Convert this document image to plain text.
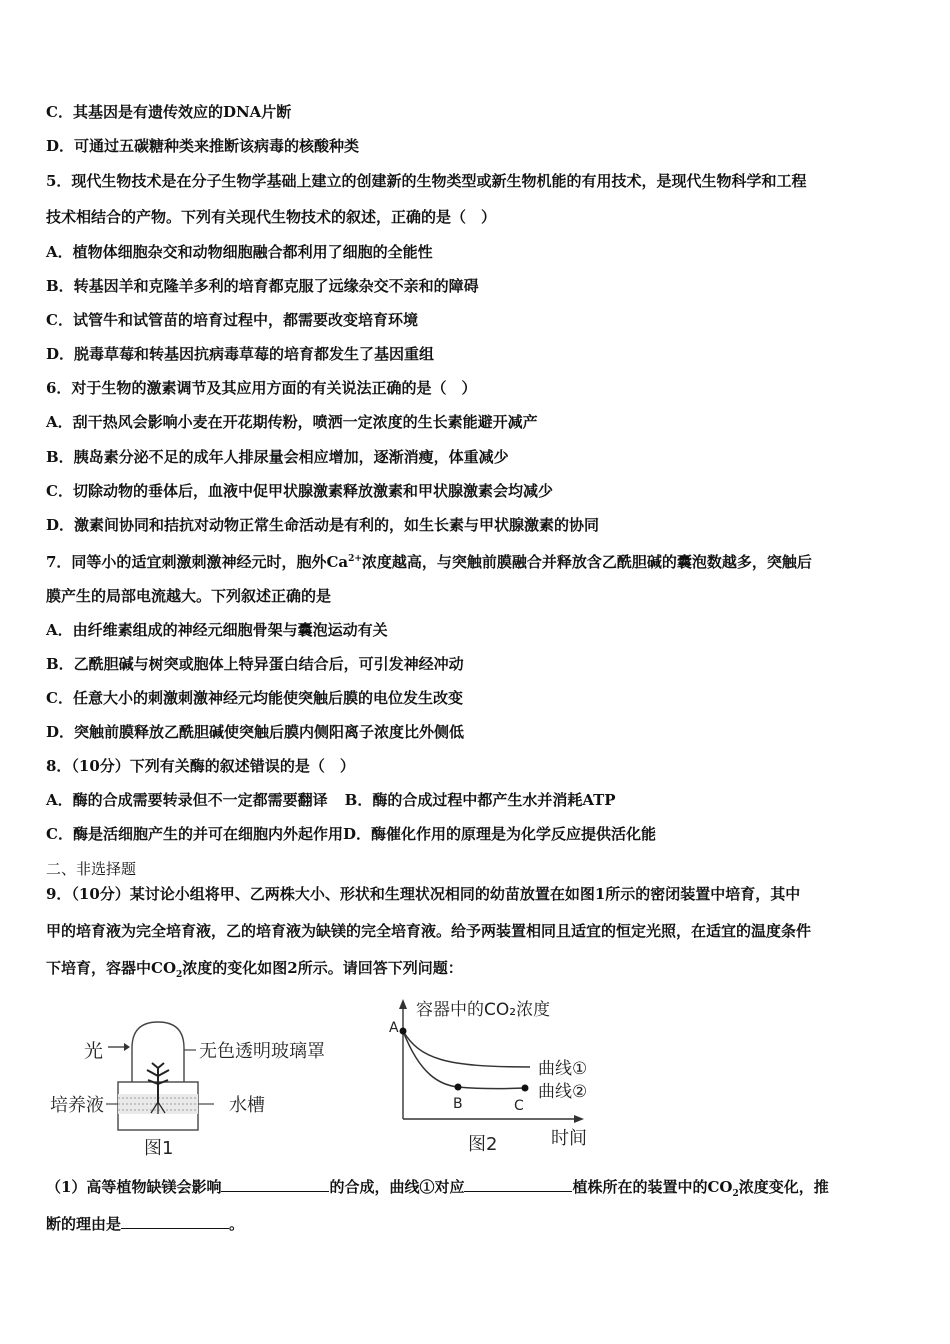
C．其基因是有遗传效应的DNA片断
D．可通过五碳糖种类来推断该病毒的核酸种类
5．现代生物技术是在分子生物学基础上建立的创建新的生物类型或新生物机能的有用技术，是现代生物科学和工程
技术相结合的产物。下列有关现代生物技术的叙述，正确的是（　）
A．植物体细胞杂交和动物细胞融合都利用了细胞的全能性
B．转基因羊和克隆羊多利的培育都克服了远缘杂交不亲和的障碍
C．试管牛和试管苗的培育过程中，都需要改变培育环境
D．脱毒草莓和转基因抗病毒草莓的培育都发生了基因重组
6．对于生物的激素调节及其应用方面的有关说法正确的是（　）
A．刮干热风会影响小麦在开花期传粉，喷洒一定浓度的生长素能避开减产
B．胰岛素分泌不足的成年人排尿量会相应增加，逐渐消瘦，体重减少
C．切除动物的垂体后，血液中促甲状腺激素释放激素和甲状腺激素会均减少
D．激素间协同和拮抗对动物正常生命活动是有利的，如生长素与甲状腺激素的协同
7．同等小的适宜刺激刺激神经元时，胞外$Ca^{2+}$浓度越高，与突触前膜融合并释放含乙酰胆碱的囊泡数越多，突触后
膜产生的局部电流越大。下列叙述正确的是
A．由纤维素组成的神经元细胞骨架与囊泡运动有关
B．乙酰胆碱与树突或胞体上特异蛋白结合后，可引发神经冲动
C．任意大小的刺激刺激神经元均能使突触后膜的电位发生改变
D．突触前膜释放乙酰胆碱使突触后膜内侧阳离子浓度比外侧低
8．（10分）下列有关酶的叙述错误的是（　）
A．酶的合成需要转录但不一定都需要翻译 B．酶的合成过程中都产生水并消耗ATP
C．酶是活细胞产生的并可在细胞内外起作用D．酶催化作用的原理是为化学反应提供活化能
二、非选择题
9．（10分）某讨论小组将甲、乙两株大小、形状和生理状况相同的幼苗放置在如图1所示的密闭装置中培育，其中
甲的培育液为完全培育液，乙的培育液为缺镁的完全培育液。给予两装置相同且适宜的恒定光照，在适宜的温度条件
下培育，容器中$CO_2$浓度的变化如图2所示。请回答下列问题：
光	无色透明玻璃罩
培养液	水槽
图1
容器中的CO₂浓度
时间
A
B	C
曲线①
曲线②
图2
（1）高等植物缺镁会影响	的合成，曲线①对应	植株所在的装置中的$CO_2$浓度变化，推
断的理由是	。
